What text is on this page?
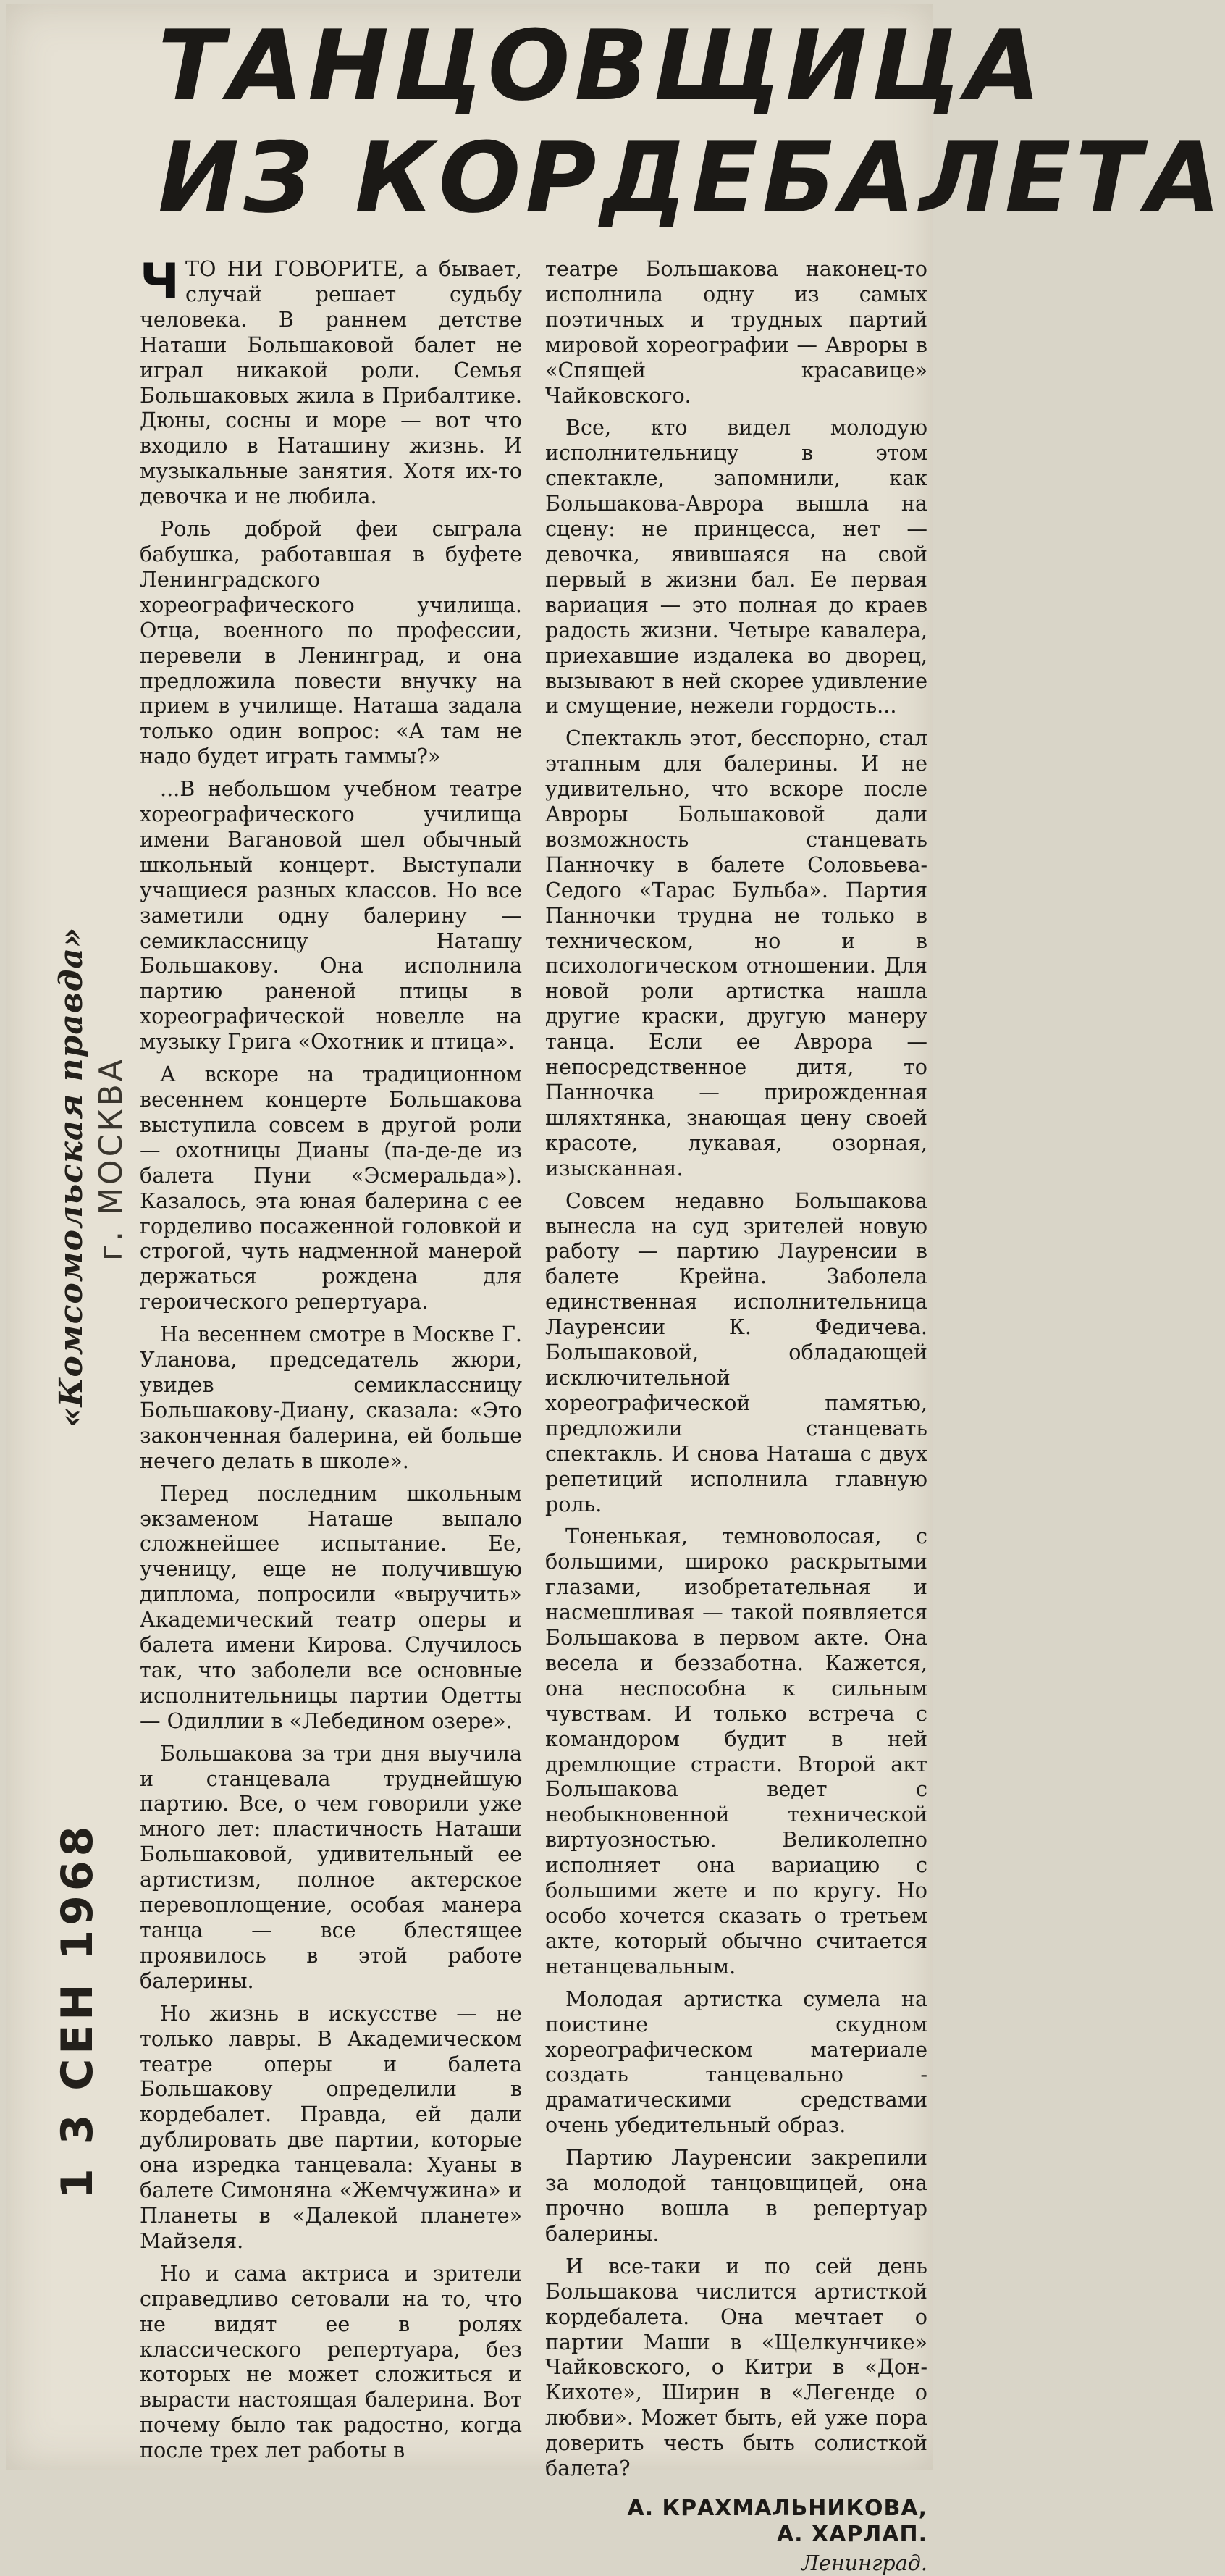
ТАНЦОВЩИЦА
ИЗ КОРДЕБАЛЕТА

ЧТО НИ ГОВОРИТЕ, а бывает, случай решает судьбу человека. В раннем детстве Наташи Большаковой балет не играл никакой роли. Семья Большаковых жила в Прибалтике. Дюны, сосны и море — вот что входило в Наташину жизнь. И музыкальные занятия. Хотя их-то девочка и не любила.

Роль доброй феи сыграла бабушка, работавшая в буфете Ленинградского хореографического училища. Отца, военного по профессии, перевели в Ленинград, и она предложила повести внучку на прием в училище. Наташа задала только один вопрос: «А там не надо будет играть гаммы?»

...В небольшом учебном театре хореографического училища имени Вагановой шел обычный школьный концерт. Выступали учащиеся разных классов. Но все заметили одну балерину — семиклассницу Наташу Большакову. Она исполнила партию раненой птицы в хореографической новелле на музыку Грига «Охотник и птица».

А вскоре на традиционном весеннем концерте Большакова выступила совсем в другой роли — охотницы Дианы (па-де-де из балета Пуни «Эсмеральда»). Казалось, эта юная балерина с ее горделиво посаженной головкой и строгой, чуть надменной манерой держаться рождена для героического репертуара.

На весеннем смотре в Москве Г. Уланова, председатель жюри, увидев семиклассницу Большакову-Диану, сказала: «Это законченная балерина, ей больше нечего делать в школе».

Перед последним школьным экзаменом Наташе выпало сложнейшее испытание. Ее, ученицу, еще не получившую диплома, попросили «выручить» Академический театр оперы и балета имени Кирова. Случилось так, что заболели все основные исполнительницы партии Одетты — Одиллии в «Лебедином озере».

Большакова за три дня выучила и станцевала труднейшую партию. Все, о чем говорили уже много лет: пластичность Наташи Большаковой, удивительный ее артистизм, полное актерское перевоплощение, особая манера танца — все блестящее проявилось в этой работе балерины.

Но жизнь в искусстве — не только лавры. В Академическом театре оперы и балета Большакову определили в кордебалет. Правда, ей дали дублировать две партии, которые она изредка танцевала: Хуаны в балете Симоняна «Жемчужина» и Планеты в «Далекой планете» Майзеля.

Но и сама актриса и зрители справедливо сетовали на то, что не видят ее в ролях классического репертуара, без которых не может сложиться и вырасти настоящая балерина. Вот почему было так радостно, когда после трех лет работы в

театре Большакова наконец-то исполнила одну из самых поэтичных и трудных партий мировой хореографии — Авроры в «Спящей красавице» Чайковского.

Все, кто видел молодую исполнительницу в этом спектакле, запомнили, как Большакова-Аврора вышла на сцену: не принцесса, нет — девочка, явившаяся на свой первый в жизни бал. Ее первая вариация — это полная до краев радость жизни. Четыре кавалера, приехавшие издалека во дворец, вызывают в ней скорее удивление и смущение, нежели гордость...

Спектакль этот, бесспорно, стал этапным для балерины. И не удивительно, что вскоре после Авроры Большаковой дали возможность станцевать Панночку в балете Соловьева-Седого «Тарас Бульба». Партия Панночки трудна не только в техническом, но и в психологическом отношении. Для новой роли артистка нашла другие краски, другую манеру танца. Если ее Аврора — непосредственное дитя, то Панночка — прирожденная шляхтянка, знающая цену своей красоте, лукавая, озорная, изысканная.

Совсем недавно Большакова вынесла на суд зрителей новую работу — партию Лауренсии в балете Крейна. Заболела единственная исполнительница Лауренсии К. Федичева. Большаковой, обладающей исключительной хореографической памятью, предложили станцевать спектакль. И снова Наташа с двух репетиций исполнила главную роль.

Тоненькая, темноволосая, с большими, широко раскрытыми глазами, изобретательная и насмешливая — такой появляется Большакова в первом акте. Она весела и беззаботна. Кажется, она неспособна к сильным чувствам. И только встреча с командором будит в ней дремлющие страсти. Второй акт Большакова ведет с необыкновенной технической виртуозностью. Великолепно исполняет она вариацию с большими жете и по кругу. Но особо хочется сказать о третьем акте, который обычно считается нетанцевальным.

Молодая артистка сумела на поистине скудном хореографическом материале создать танцевально - драматическими средствами очень убедительный образ.

Партию Лауренсии закрепили за молодой танцовщицей, она прочно вошла в репертуар балерины.

И все-таки и по сей день Большакова числится артисткой кордебалета. Она мечтает о партии Маши в «Щелкунчике» Чайковского, о Китри в «Дон-Кихоте», Ширин в «Легенде о любви». Может быть, ей уже пора доверить честь быть солисткой балета?

А. КРАХМАЛЬНИКОВА,
А. ХАРЛАП.
Ленинград.
«Комсомольская правда» г. МОСКВА
1 3 СЕН 1968
